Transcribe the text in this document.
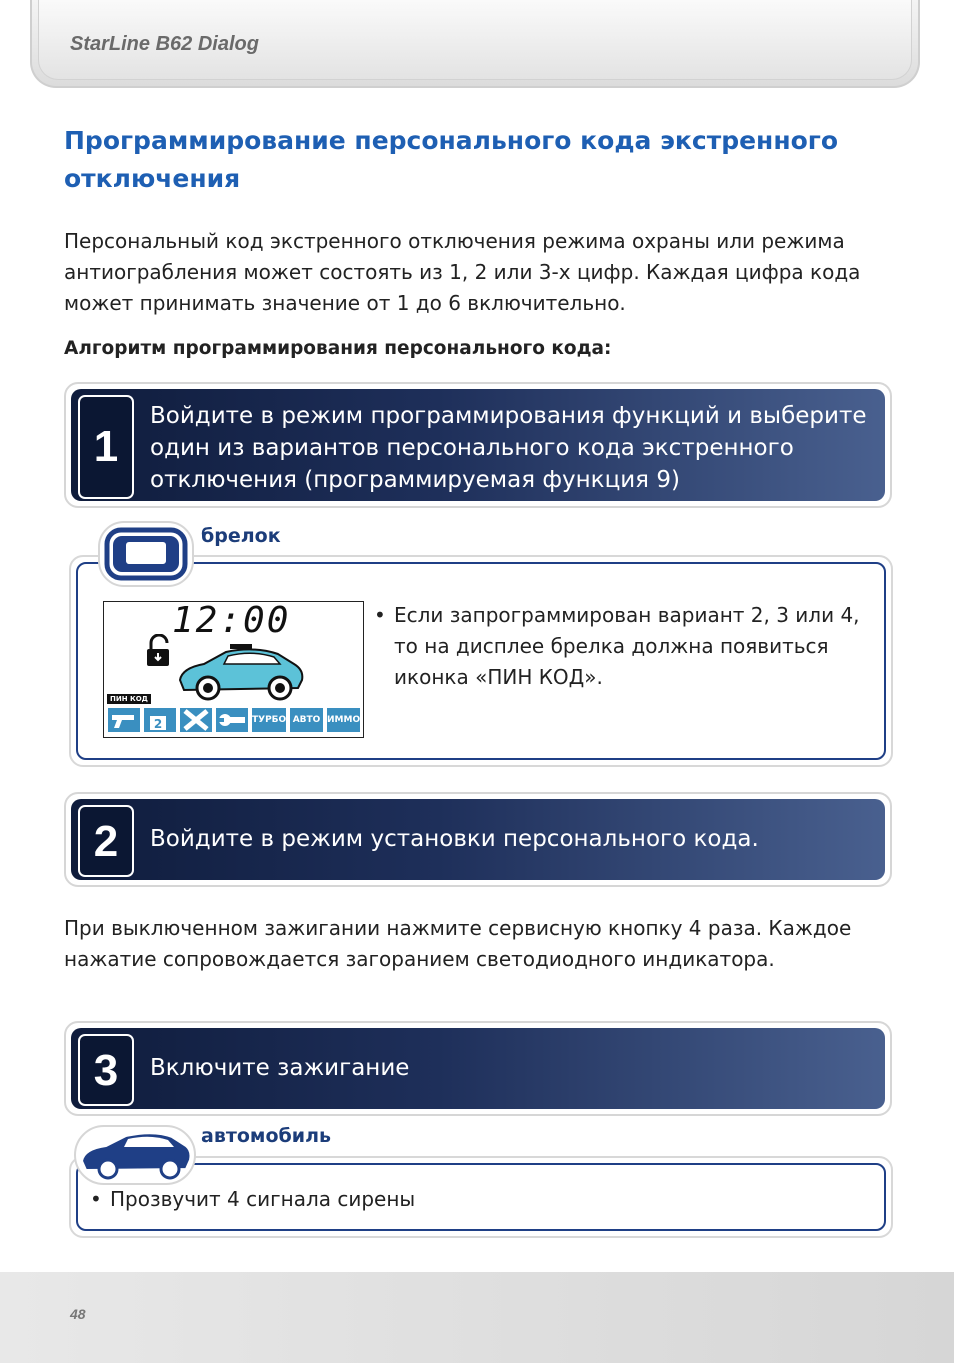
StarLine B62 Dialog
Программирование персонального кода экстренного отключения
Персональный код экстренного отключения режима охраны или режима антиограбления может состоять из 1, 2 или 3-х цифр. Каждая цифра кода может принимать значение от 1 до 6 включительно.
Алгоритм программирования персонального кода:
1
Войдите в режим программирования функций и выберите один из вариантов персонального кода экстренного отключения (программируемая функция 9)
брелок
12:00
ПИН КОД
2	ТУРБО АВТО ИММО
• Если запрограммирован вариант 2, 3 или 4, то на дисплее брелка должна появиться иконка «ПИН КОД».
2	Войдите в режим установки персонального кода.
При выключенном зажигании нажмите сервисную кнопку 4 раза. Каждое нажатие сопровождается загоранием светодиодного индикатора.
3	Включите зажигание
автомобиль
• Прозвучит 4 сигнала сирены
48
